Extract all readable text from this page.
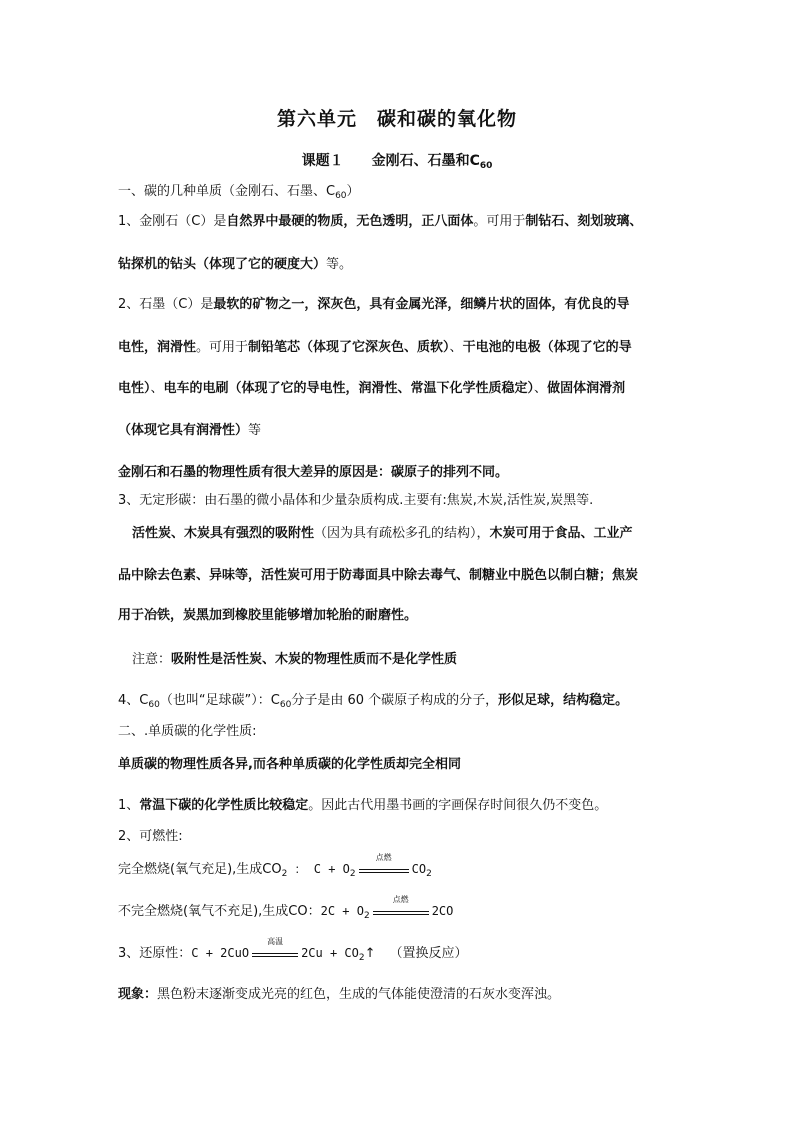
第六单元　碳和碳的氧化物
课题１　　金刚石、石墨和$C_{60}$
一、碳的几种单质（金刚石、石墨、$C_{60}$）
1、金刚石（C）是自然界中最硬的物质，无色透明，正八面体。可用于制钻石、刻划玻璃、
钻探机的钻头（体现了它的硬度大）等。
2、石墨（C）是最软的矿物之一，深灰色，具有金属光泽，细鳞片状的固体，有优良的导
电性，润滑性。可用于制铅笔芯（体现了它深灰色、质软）、干电池的电极（体现了它的导
电性）、电车的电刷（体现了它的导电性，润滑性、常温下化学性质稳定）、做固体润滑剂
（体现它具有润滑性）等
金刚石和石墨的物理性质有很大差异的原因是：碳原子的排列不同。
3、无定形碳：由石墨的微小晶体和少量杂质构成.主要有:焦炭,木炭,活性炭,炭黑等.
活性炭、木炭具有强烈的吸附性（因为具有疏松多孔的结构），木炭可用于食品、工业产
品中除去色素、异味等，活性炭可用于防毒面具中除去毒气、制糖业中脱色以制白糖；焦炭
用于冶铁，炭黑加到橡胶里能够增加轮胎的耐磨性。
注意：吸附性是活性炭、木炭的物理性质而不是化学性质
4、$C_{60}$（也叫“足球碳”）：$C_{60}$分子是由 60 个碳原子构成的分子，形似足球，结构稳定。
二、.单质碳的化学性质:
单质碳的物理性质各异,而各种单质碳的化学性质却完全相同
1、常温下碳的化学性质比较稳定。因此古代用墨书画的字画保存时间很久仍不变色。
2、可燃性:
完全燃烧(氧气充足),生成$CO_2$ ： $C + O_2$
点燃
$CO_2$
不完全燃烧(氧气不充足),生成CO：$2C + O_2$
点燃
2CO
3、还原性：C + 2CuO
高温
$2Cu + CO_2↑$ （置换反应）
现象：黑色粉末逐渐变成光亮的红色，生成的气体能使澄清的石灰水变浑浊。
